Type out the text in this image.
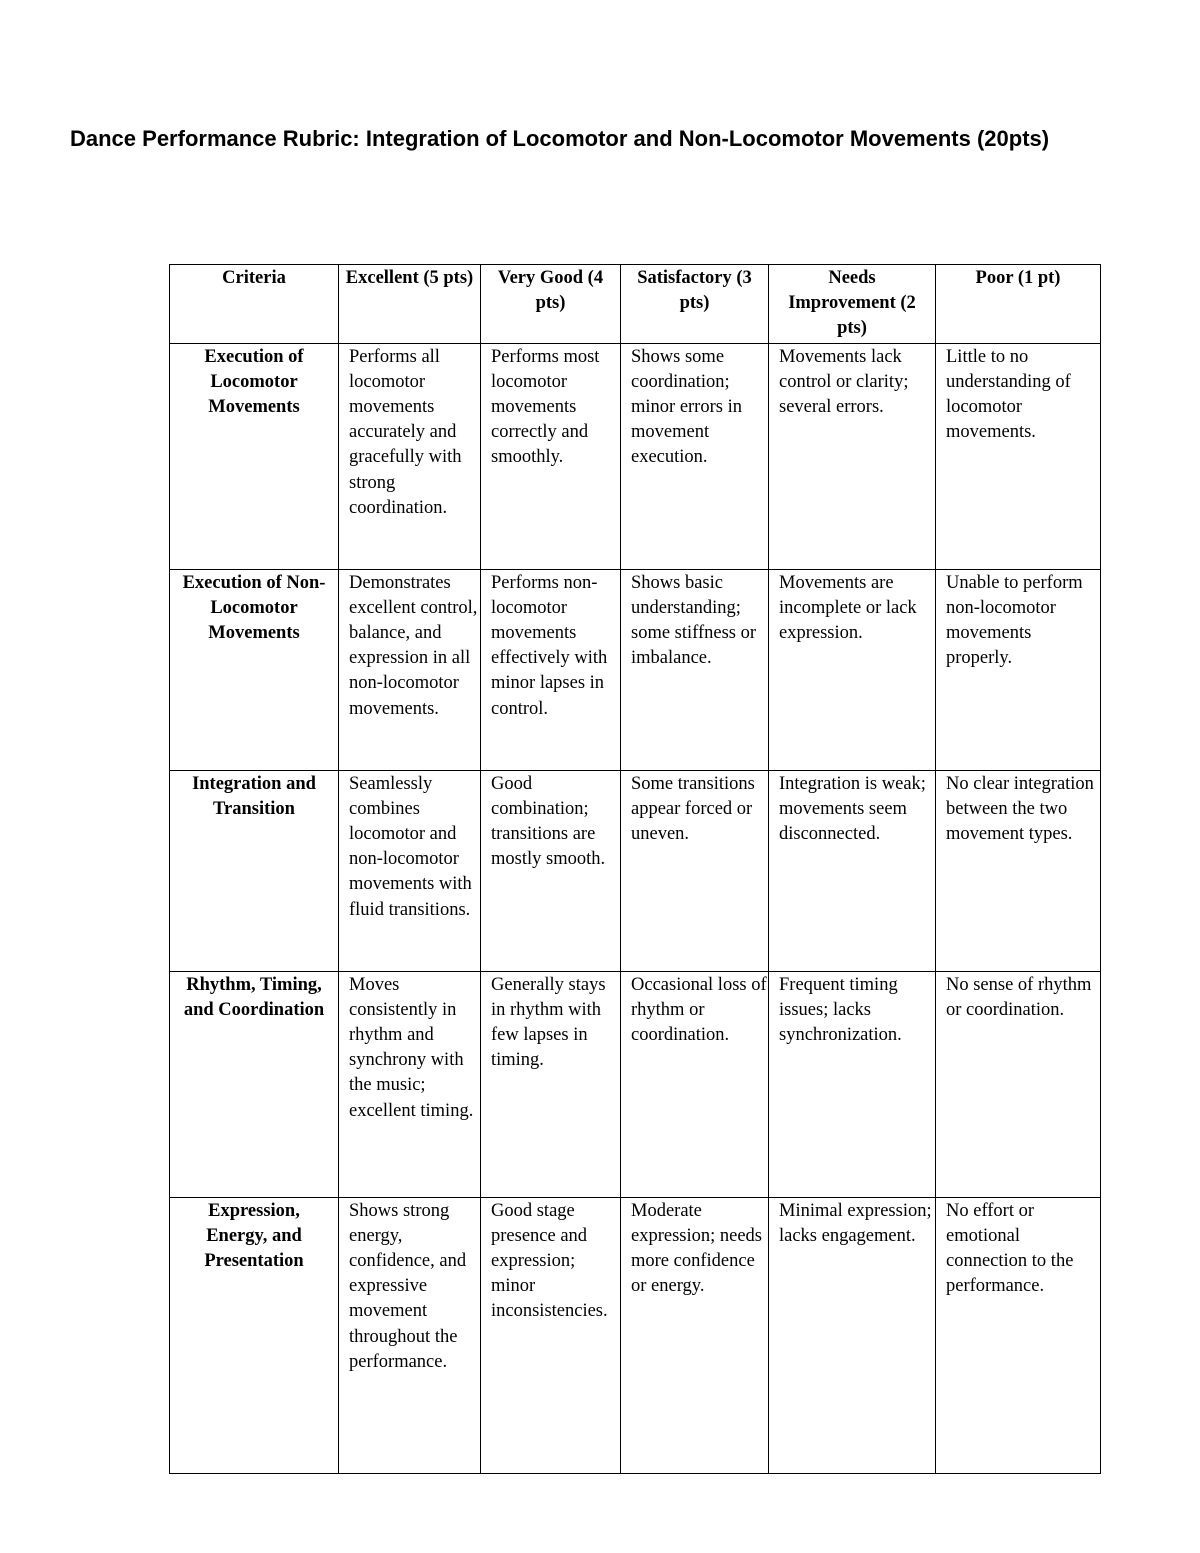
Dance Performance Rubric: Integration of Locomotor and Non-Locomotor Movements (20pts)
Criteria	Excellent (5 pts)	Very Good (4 pts)	Satisfactory (3 pts)	Needs Improvement (2 pts)	Poor (1 pt)
Execution of Locomotor Movements	Performs all locomotor movements accurately and gracefully with strong coordination.	Performs most locomotor movements correctly and smoothly.	Shows some coordination; minor errors in movement execution.	Movements lack control or clarity; several errors.	Little to no understanding of locomotor movements.
Execution of Non-Locomotor Movements	Demonstrates excellent control, balance, and expression in all non-locomotor movements.	Performs non-locomotor movements effectively with minor lapses in control.	Shows basic understanding; some stiffness or imbalance.	Movements are incomplete or lack expression.	Unable to perform non-locomotor movements properly.
Integration and Transition	Seamlessly combines locomotor and non-locomotor movements with fluid transitions.	Good combination; transitions are mostly smooth.	Some transitions appear forced or uneven.	Integration is weak; movements seem disconnected.	No clear integration between the two movement types.
Rhythm, Timing, and Coordination	Moves consistently in rhythm and synchrony with the music; excellent timing.	Generally stays in rhythm with few lapses in timing.	Occasional loss of rhythm or coordination.	Frequent timing issues; lacks synchronization.	No sense of rhythm or coordination.
Expression, Energy, and Presentation	Shows strong energy, confidence, and expressive movement throughout the performance.	Good stage presence and expression; minor inconsistencies.	Moderate expression; needs more confidence or energy.	Minimal expression; lacks engagement.	No effort or emotional connection to the performance.
